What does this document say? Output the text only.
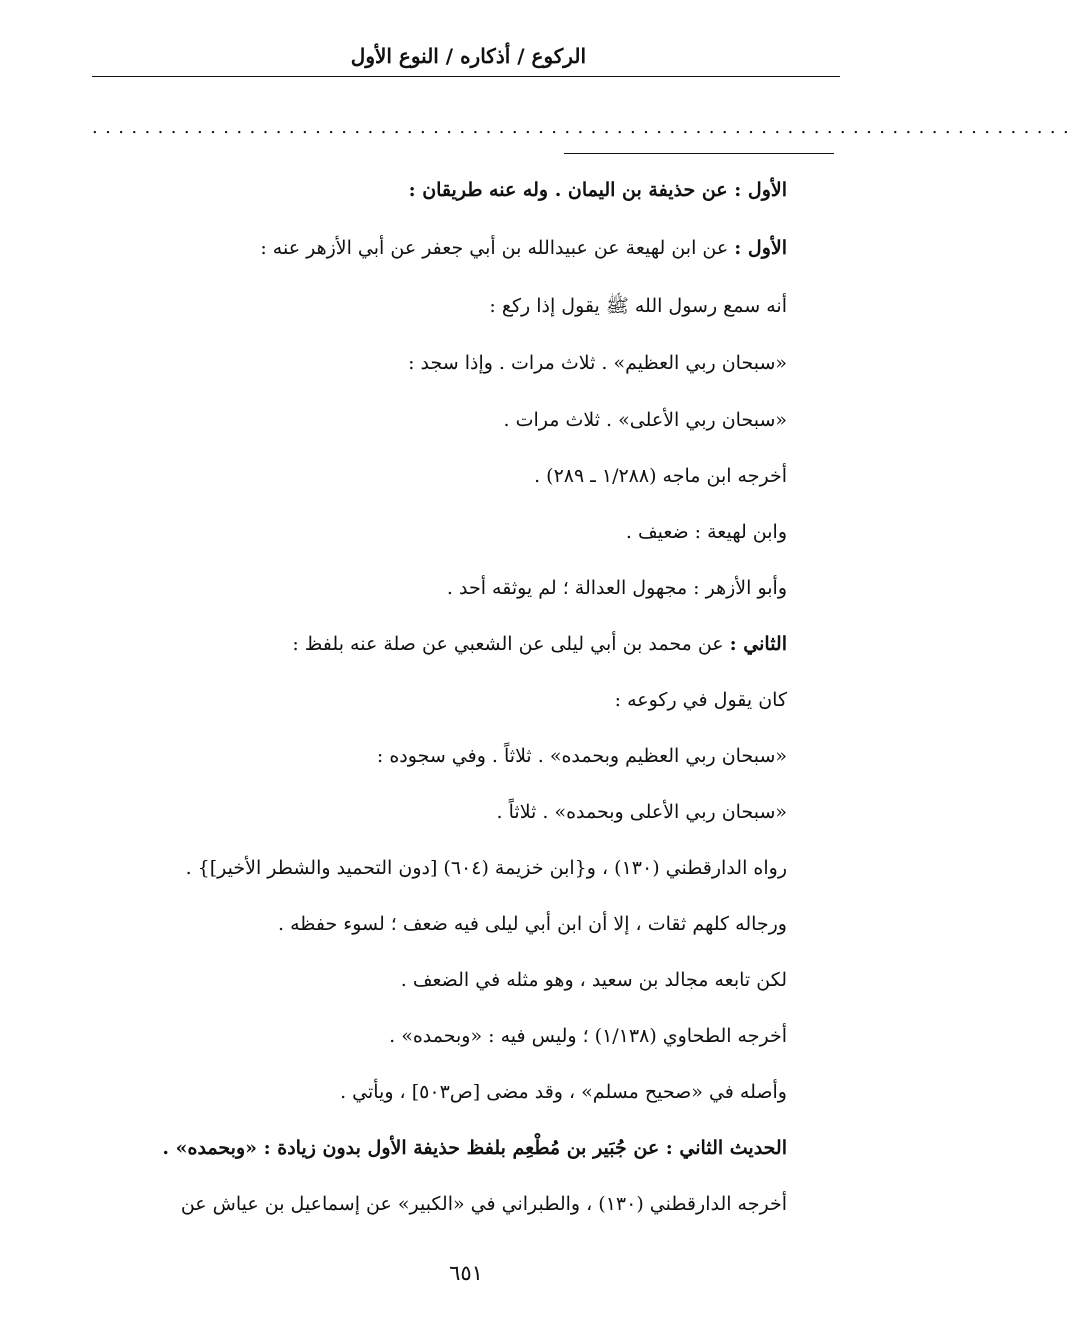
الركوع / أذكاره / النوع الأول
...........................................................................
الأول : عن حذيفة بن اليمان . وله عنه طريقان :
الأول : عن ابن لهيعة عن عبيدالله بن أبي جعفر عن أبي الأزهر عنه :
أنه سمع رسول الله ﷺ يقول إذا ركع :
«سبحان ربي العظيم» . ثلاث مرات . وإذا سجد :
«سبحان ربي الأعلى» . ثلاث مرات .
أخرجه ابن ماجه (١/٢٨٨ ـ ٢٨٩) .
وابن لهيعة : ضعيف .
وأبو الأزهر : مجهول العدالة ؛ لم يوثقه أحد .
الثاني : عن محمد بن أبي ليلى عن الشعبي عن صلة عنه بلفظ :
كان يقول في ركوعه :
«سبحان ربي العظيم وبحمده» . ثلاثاً . وفي سجوده :
«سبحان ربي الأعلى وبحمده» . ثلاثاً .
رواه الدارقطني (١٣٠) ، و{ابن خزيمة (٦٠٤) [دون التحميد والشطر الأخير]} .
ورجاله كلهم ثقات ، إلا أن ابن أبي ليلى فيه ضعف ؛ لسوء حفظه .
لكن تابعه مجالد بن سعيد ، وهو مثله في الضعف .
أخرجه الطحاوي (١/١٣٨) ؛ وليس فيه : «وبحمده» .
وأصله في «صحيح مسلم» ، وقد مضى [ص٥٠٣] ، ويأتي .
الحديث الثاني : عن جُبَير بن مُطْعِم بلفظ حذيفة الأول بدون زيادة : «وبحمده» .
أخرجه الدارقطني (١٣٠) ، والطبراني في «الكبير» عن إسماعيل بن عياش عن
٦٥١
